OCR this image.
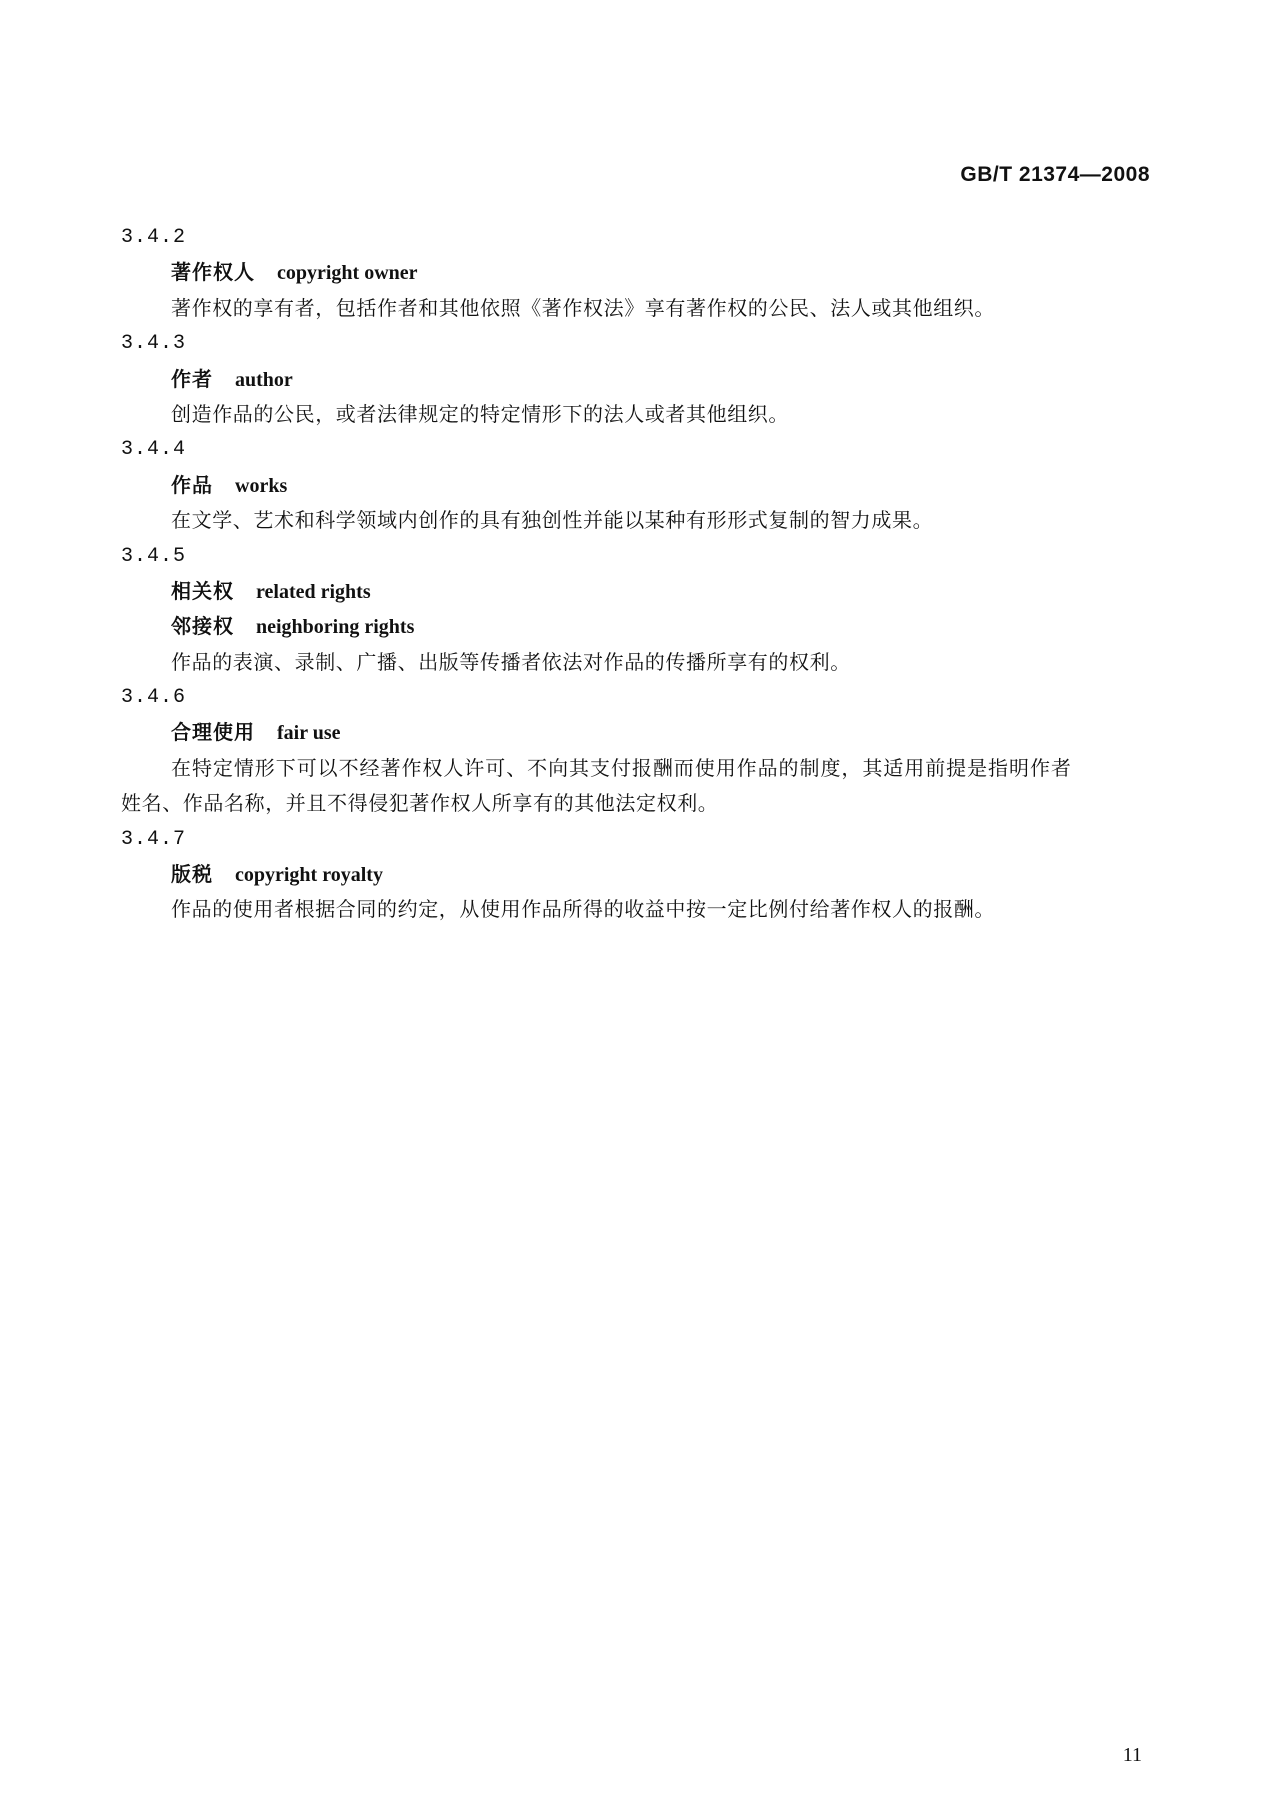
GB/T 21374—2008
3.4.2
著作权人 copyright owner
著作权的享有者，包括作者和其他依照《著作权法》享有著作权的公民、法人或其他组织。
3.4.3
作者 author
创造作品的公民，或者法律规定的特定情形下的法人或者其他组织。
3.4.4
作品 works
在文学、艺术和科学领域内创作的具有独创性并能以某种有形形式复制的智力成果。
3.4.5
相关权 related rights
邻接权 neighboring rights
作品的表演、录制、广播、出版等传播者依法对作品的传播所享有的权利。
3.4.6
合理使用 fair use
在特定情形下可以不经著作权人许可、不向其支付报酬而使用作品的制度，其适用前提是指明作者
姓名、作品名称，并且不得侵犯著作权人所享有的其他法定权利。
3.4.7
版税 copyright royalty
作品的使用者根据合同的约定，从使用作品所得的收益中按一定比例付给著作权人的报酬。
11
